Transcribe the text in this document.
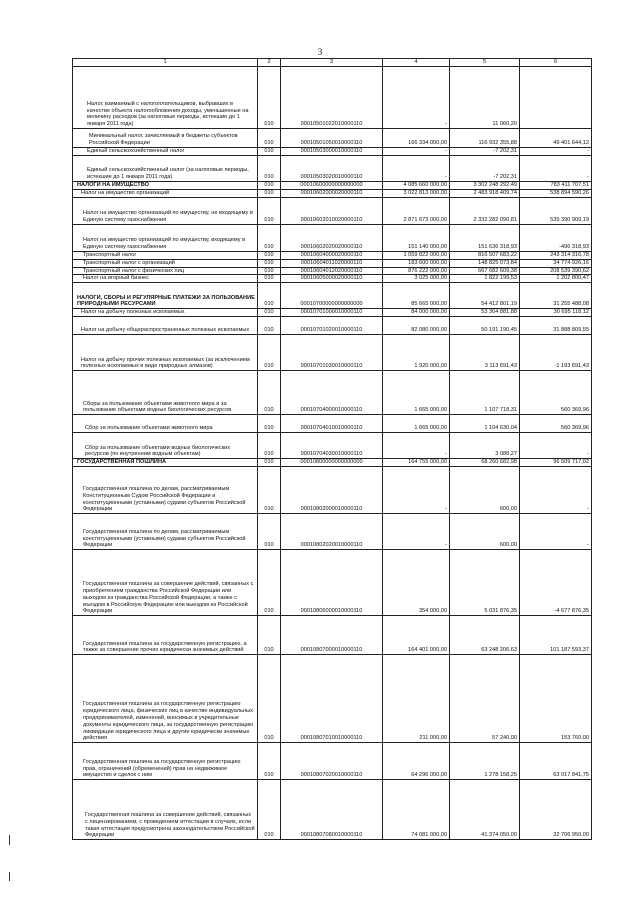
3
1	2	3	4	5	6
Налог, взимаемый с налогоплательщиков, выбравших в качестве объекта налогообложения доходы, уменьшенные на величину расходов (за налоговые периоды, истекшие до 1 января 2011 года)	010	00010501022010000110	-	11 060,20	
Минимальный налог, зачисляемый в бюджеты субъектов Российской Федерации	010	00010501050010000110	166 334 000,00	116 932 355,88	49 401 644,12
Единый сельскохозяйственный налог	010	00010503000010000110	-	-7 202,31	-
Единый сельскохозяйственный налог (за налоговые периоды, истекшие до 1 января 2011 года)	010	00010503020010000110	-	-7 202,31	-
НАЛОГИ НА ИМУЩЕСТВО	010	00010600000000000000	4 085 660 000,00	3 302 248 292,49	783 411 707,51
Налог на имущество организаций	010	00010602000020000110	3 022 813 000,00	2 483 918 409,74	538 894 590,26
Налог на имущество организаций по имуществу, не входящему в Единую систему газоснабжения	010	00010602010020000110	2 871 673 000,00	2 332 282 090,81	539 390 909,19
Налог на имущество организаций по имуществу, входящему в Единую систему газоснабжения	010	00010602020020000110	151 140 000,00	151 636 318,93	-496 318,93
Транспортный налог	010	00010604000020000110	1 059 822 000,00	816 507 683,22	243 314 316,78
Транспортный налог с организаций	010	00010604011020000110	183 600 000,00	148 825 073,84	34 774 926,16
Транспортный налог с физических лиц	010	00010604012020000110	876 222 000,00	667 682 609,38	208 539 390,62
Налог на игорный бизнес	010	00010605000020000110	3 025 000,00	1 822 199,53	1 202 800,47
НАЛОГИ, СБОРЫ И РЕГУЛЯРНЫЕ ПЛАТЕЖИ ЗА ПОЛЬЗОВАНИЕ ПРИРОДНЫМИ РЕСУРСАМИ	010	00010700000000000000	85 665 000,00	54 412 801,19	31 255 488,08
Налог на добычу полезных ископаемых	010	00010701000010000110	84 000 000,00	53 304 881,88	30 695 118,12
Налог на добычу общераспространенных полезных ископаемых	010	00010701020010000110	82 080 000,00	50 191 190,45	31 888 809,55
Налог на добычу прочих полезных ископаемых (за исключением полезных ископаемых в виде природных алмазов)	010	00010701030010000110	1 920 000,00	3 113 691,43	-1 193 691,43
Сборы за пользование объектами животного мира и за пользование объектами водных биологических ресурсов	010	00010704000010000110	1 665 000,00	1 107 718,31	560 369,96
Сбор за пользование объектами животного мира	010	00010704010010000110	1 665 000,00	1 104 630,04	560 369,96
Сбор за пользование объектами водных биологических ресурсов (по внутренним водным объектам)	010	00010704030010000110	-	3 088,27	-
ГОСУДАРСТВЕННАЯ ПОШЛИНА	010	00010800000000000000	164 755 000,00	68 260 682,98	96 509 717,02
Государственная пошлина по делам, рассматриваемым Конституционным Судом Российской Федерации и конституционными (уставными) судами субъектов Российской Федерации	010	00010802000010000110	-	600,00	-
Государственная пошлина по делам, рассматриваемым конституционными (уставными) судами субъектов Российской Федерации	010	00010802020010000110	-	600,00	-
Государственная пошлина за совершение действий, связанных с приобретением гражданства Российской Федерации или выходом из гражданства Российской Федерации, а также с въездом в Российскую Федерацию или выездом из Российской Федерации	010	00010806000010000110	354 000,00	5 031 876,35	-4 677 876,35
Государственная пошлина за государственную регистрацию, а также за совершение прочих юридически значимых действий	010	00010807000010000110	164 401 000,00	63 248 206,63	101 187 593,37
Государственная пошлина за государственную регистрацию юридического лица, физических лиц в качестве индивидуальных предпринимателей, изменений, вносимых в учредительные документы юридического лица, за государственную регистрацию ликвидации юридического лица и другие юридически значимые действия	010	00010807010010000110	211 000,00	57 240,00	153 760,00
Государственная пошлина за государственную регистрацию прав, ограничений (обременений) прав на недвижимое имущество и сделок с ним	010	00010807020010000110	64 296 000,00	1 278 158,25	63 017 841,75
Государственная пошлина за совершение действий, связанных с лицензированием, с проведением аттестации в случаях, если такая аттестация предусмотрена законодательством Российской Федерации	010	00010807080010000110	74 081 000,00	41 374 050,00	32 706 950,00
